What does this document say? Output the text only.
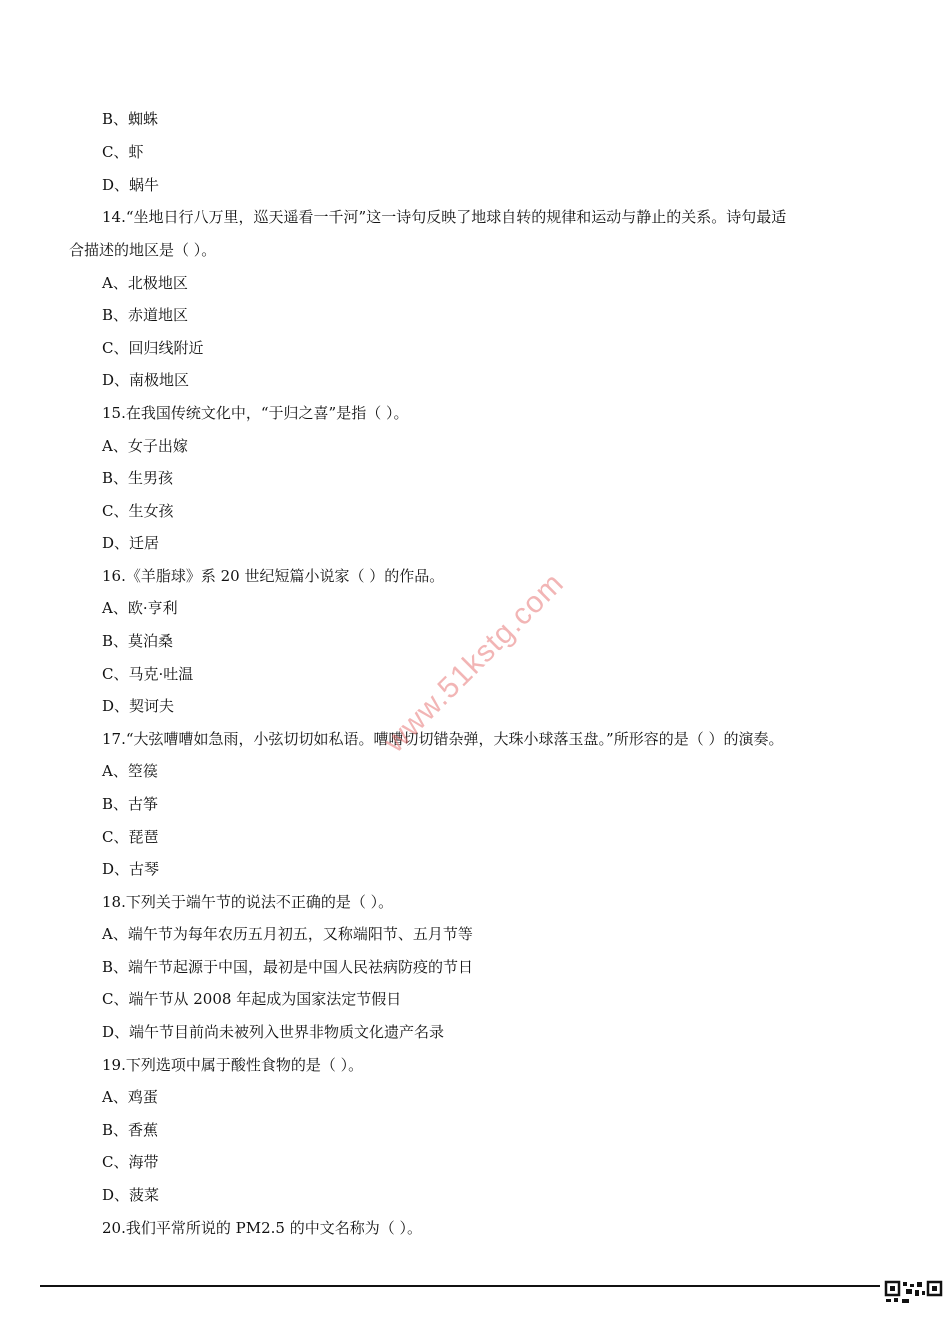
B、蜘蛛
C、虾
D、蜗牛
14.“坐地日行八万里，巡天遥看一千河”这一诗句反映了地球自转的规律和运动与静止的关系。诗句最适
合描述的地区是（ ）。
A、北极地区
B、赤道地区
C、回归线附近
D、南极地区
15.在我国传统文化中，“于归之喜”是指（ ）。
A、女子出嫁
B、生男孩
C、生女孩
D、迁居
16.《羊脂球》系 20 世纪短篇小说家（ ）的作品。
A、欧·亨利
B、莫泊桑
C、马克·吐温
D、契诃夫
17.“大弦嘈嘈如急雨，小弦切切如私语。嘈嘈切切错杂弹，大珠小球落玉盘。”所形容的是（ ）的演奏。
A、箜篌
B、古筝
C、琵琶
D、古琴
18.下列关于端午节的说法不正确的是（ ）。
A、端午节为每年农历五月初五，又称端阳节、五月节等
B、端午节起源于中国，最初是中国人民祛病防疫的节日
C、端午节从 2008 年起成为国家法定节假日
D、端午节目前尚未被列入世界非物质文化遗产名录
19.下列选项中属于酸性食物的是（ ）。
A、鸡蛋
B、香蕉
C、海带
D、菠菜
20.我们平常所说的 PM2.5 的中文名称为（ ）。
www.51kstg.com
